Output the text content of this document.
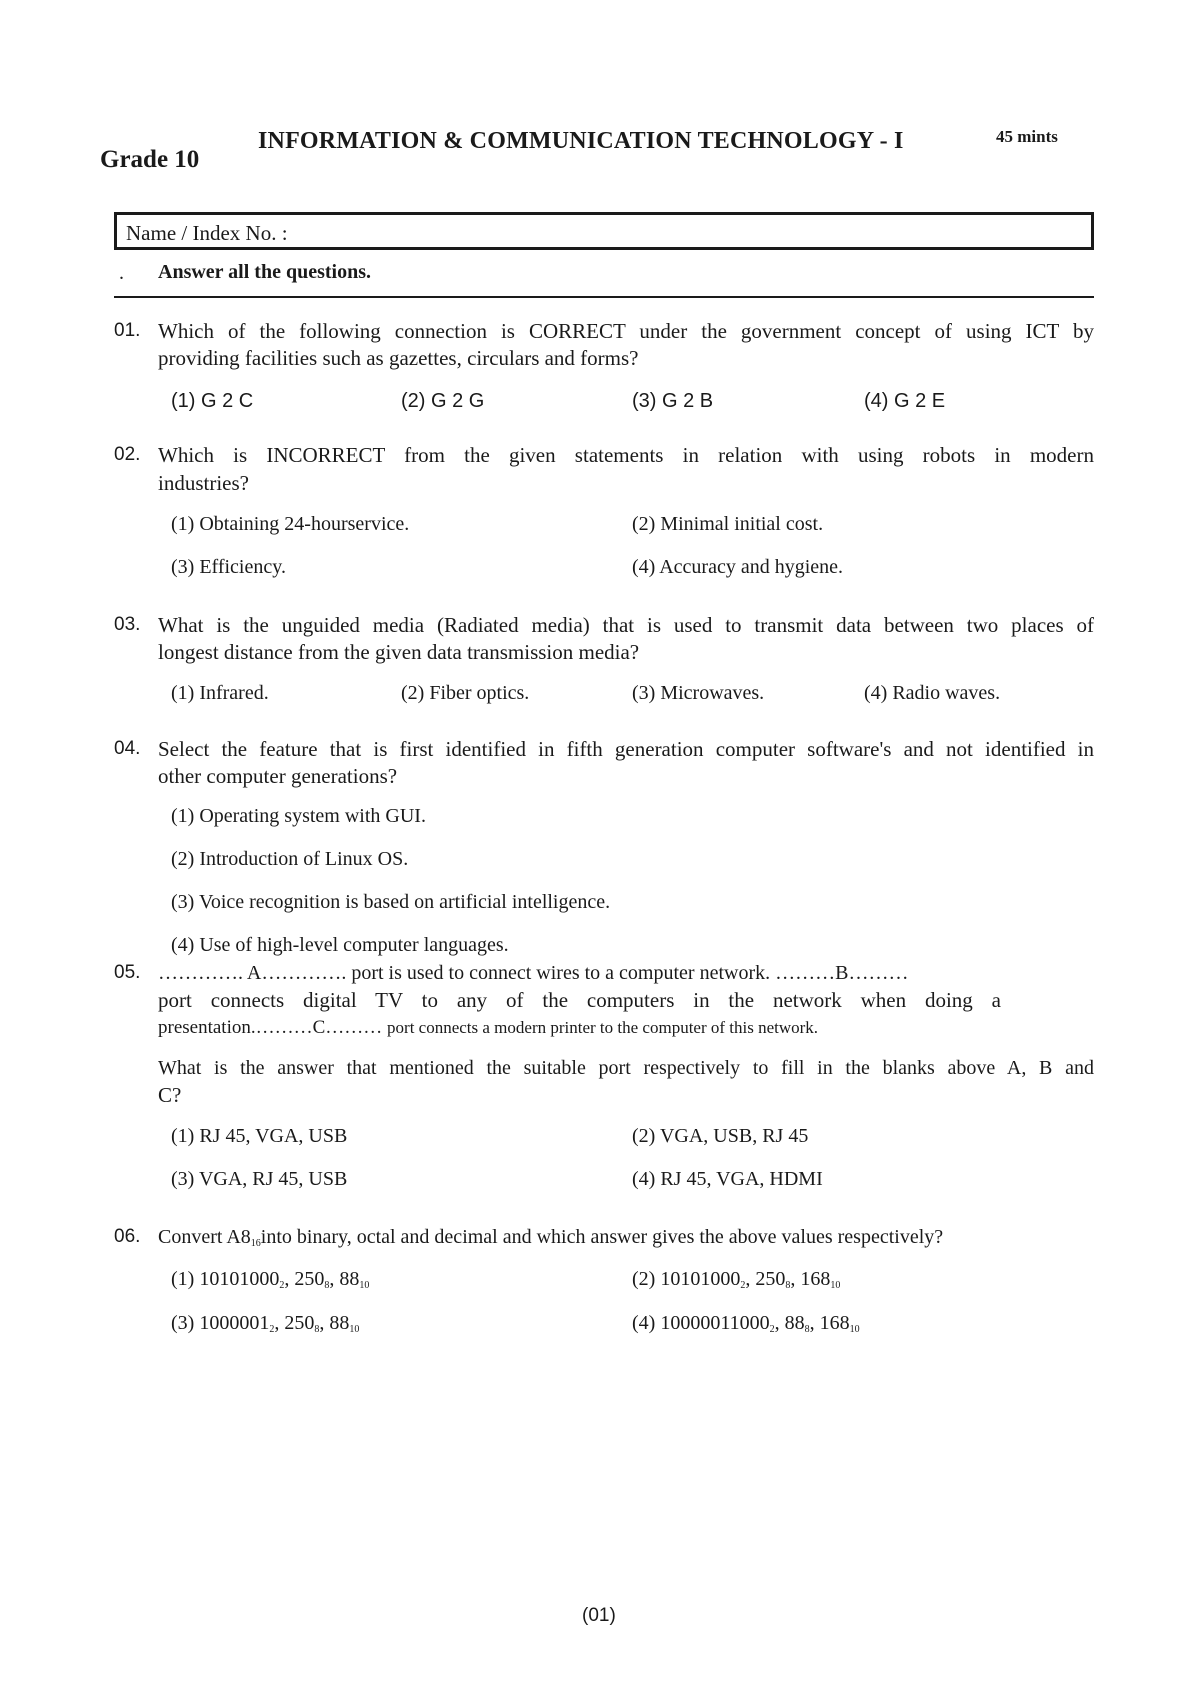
Grade 10
INFORMATION & COMMUNICATION TECHNOLOGY - I	45 mints
Name / Index No. :
. Answer all the questions.
01. Which of the following connection is CORRECT under the government concept of using ICT by
providing facilities such as gazettes, circulars and forms?
(1) G 2 C	(2) G 2 G	(3) G 2 B	(4) G 2 E
02. Which is INCORRECT from the given statements in relation with using robots in modern
industries?
(1) Obtaining 24-hourservice.	(2) Minimal initial cost.
(3) Efficiency.	(4) Accuracy and hygiene.
03. What is the unguided media (Radiated media) that is used to transmit data between two places of
longest distance from the given data transmission media?
(1) Infrared.	(2) Fiber optics.	(3) Microwaves.	(4) Radio waves.
04. Select the feature that is first identified in fifth generation computer software's and not identified in
other computer generations?
(1) Operating system with GUI.
(2) Introduction of Linux OS.
(3) Voice recognition is based on artificial intelligence.
(4) Use of high-level computer languages.
05. …………. A…………. port is used to connect wires to a computer network. ………B………
port connects digital TV to any of the computers in the network when doing a
presentation.………C……… port connects a modern printer to the computer of this network.
What is the answer that mentioned the suitable port respectively to fill in the blanks above A, B and
C?
(1) RJ 45, VGA, USB	(2) VGA, USB, RJ 45
(3) VGA, RJ 45, USB	(4) RJ 45, VGA, HDMI
06. Convert $A8_{16}into$ binary, octal and decimal and which answer gives the above values respectively?
(1) $10101000_2$, $250_8$, $88_{10}$	(2) $10101000_2$, $250_8$, $168_{10}$
(3) $1000001_2$, $250_8$, $88_{10}$	(4) $10000011000_2$, $88_8$, $168_{10}$
(01)
